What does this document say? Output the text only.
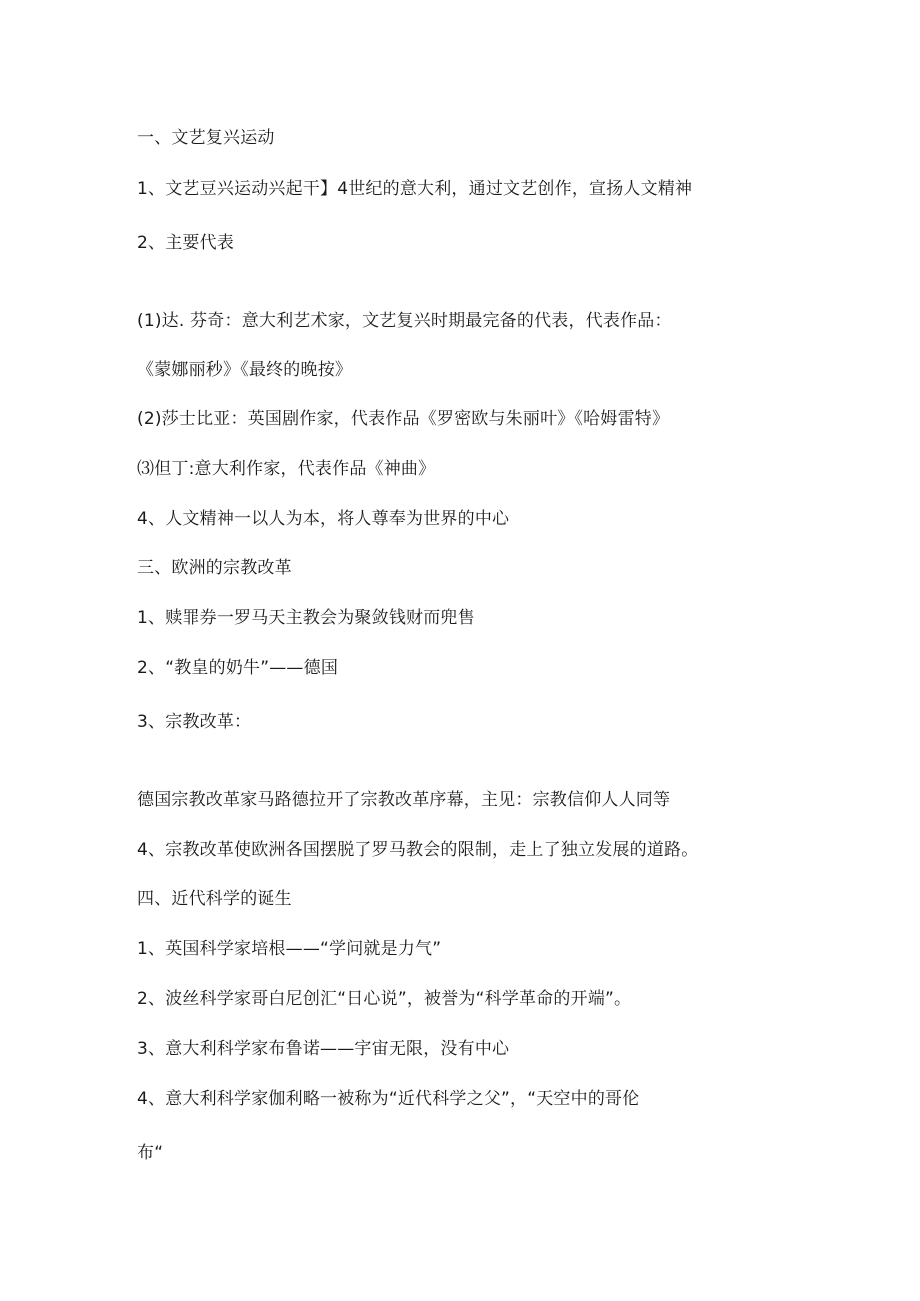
一、文艺复兴运动
1、文艺豆兴运动兴起干】4世纪的意大利，通过文艺创作，宣扬人文精神
2、主要代表
(1)达. 芬奇：意大利艺术家，文艺复兴时期最完备的代表，代表作品：
《蒙娜丽秒》《最终的晚按》
(2)莎士比亚：英国剧作家，代表作品《罗密欧与朱丽叶》《哈姆雷特》
⑶但丁:意大利作家，代表作品《神曲》
4、人文精神一以人为本，将人尊奉为世界的中心
三、欧洲的宗教改革
1、赎罪券一罗马天主教会为聚敛钱财而兜售
2、“教皇的奶牛”——德国
3、宗教改革：
德国宗教改革家马路德拉开了宗教改革序幕，主见：宗教信仰人人同等
4、宗教改革使欧洲各国摆脱了罗马教会的限制，走上了独立发展的道路。
四、近代科学的诞生
1、英国科学家培根——“学问就是力气”
2、波丝科学家哥白尼创汇“日心说”，被誉为“科学革命的开端”。
3、意大利科学家布鲁诺——宇宙无限，没有中心
4、意大利科学家伽利略一被称为“近代科学之父”，“天空中的哥伦
布“
